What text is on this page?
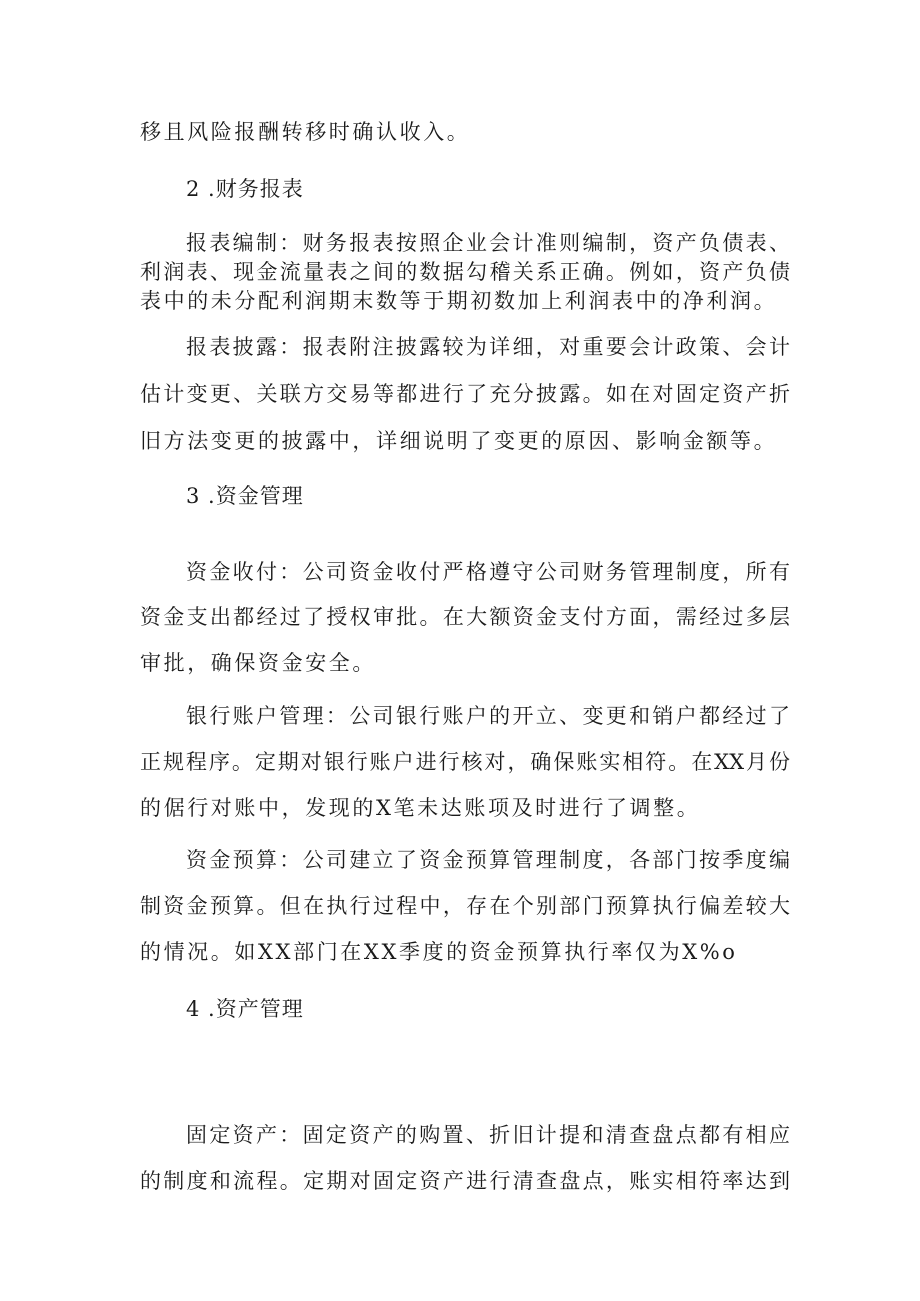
移且风险报酬转移时确认收入。
2 .财务报表
报表编制：财务报表按照企业会计准则编制，资产负债表、
利润表、现金流量表之间的数据勾稽关系正确。例如，资产负债
表中的未分配利润期末数等于期初数加上利润表中的净利润。
报表披露：报表附注披露较为详细，对重要会计政策、会计
估计变更、关联方交易等都进行了充分披露。如在对固定资产折
旧方法变更的披露中，详细说明了变更的原因、影响金额等。
3 .资金管理
资金收付：公司资金收付严格遵守公司财务管理制度，所有
资金支出都经过了授权审批。在大额资金支付方面，需经过多层
审批，确保资金安全。
银行账户管理：公司银行账户的开立、变更和销户都经过了
正规程序。定期对银行账户进行核对，确保账实相符。在XX月份
的倨行对账中，发现的X笔未达账项及时进行了调整。
资金预算：公司建立了资金预算管理制度，各部门按季度编
制资金预算。但在执行过程中，存在个别部门预算执行偏差较大
的情况。如XX部门在XX季度的资金预算执行率仅为X%o
4 .资产管理
固定资产：固定资产的购置、折旧计提和清查盘点都有相应
的制度和流程。定期对固定资产进行清查盘点，账实相符率达到
